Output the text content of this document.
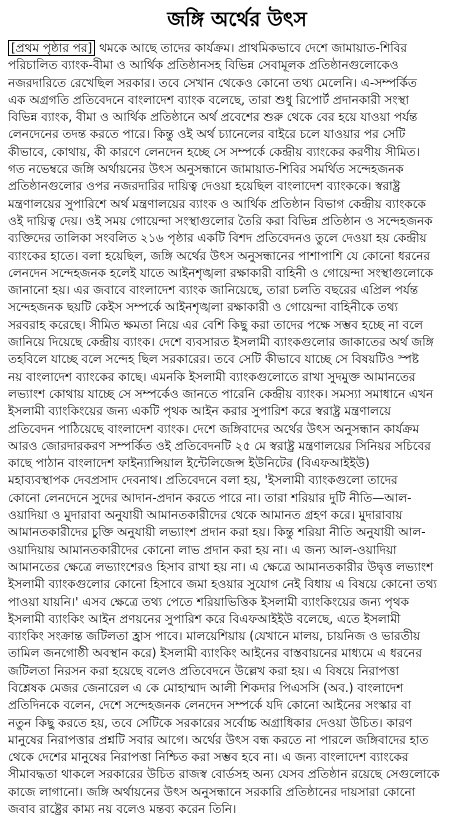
জঙ্গি অর্থের উৎস
[প্রথম পৃষ্ঠার পর] থমকে আছে তাদের কার্যক্রম। প্রাথমিকভাবে দেশে জামায়াত-শিবির
পরিচালিত ব্যাংক-বীমা ও আর্থিক প্রতিষ্ঠানসহ বিভিন্ন সেবামূলক প্রতিষ্ঠানগুলোকেও
নজরদারিতে রেখেছিল সরকার। তবে সেখান থেকেও কোনো তথ্য মেলেনি। এ-সম্পর্কিত
এক অগ্রগতি প্রতিবেদনে বাংলাদেশ ব্যাংক বলেছে, তারা শুধু রিপোর্ট প্রদানকারী সংস্থা
বিভিন্ন ব্যাংক, বীমা ও আর্থিক প্রতিষ্ঠানে অর্থ প্রবেশের শুরু থেকে বের হয়ে যাওয়া পর্যন্ত
লেনদেনের তদন্ত করতে পারে। কিন্তু ওই অর্থ চ্যানেলের বাইরে চলে যাওয়ার পর সেটি
কীভাবে, কোথায়, কী কারণে লেনদেন হচ্ছে সে সম্পর্কে কেন্দ্রীয় ব্যাংকের করণীয় সীমিত।
গত নভেম্বরে জঙ্গি অর্থায়নের উৎস অনুসন্ধানে জামায়াত-শিবির সমর্থিত সন্দেহজনক
প্রতিষ্ঠানগুলোর ওপর নজরদারির দায়িত্ব দেওয়া হয়েছিল বাংলাদেশ ব্যাংককে। স্বরাষ্ট্র
মন্ত্রণালয়ের সুপারিশে অর্থ মন্ত্রণালয়ের ব্যাংক ও আর্থিক প্রতিষ্ঠান বিভাগ কেন্দ্রীয় ব্যাংককে
ওই দায়িত্ব দেয়। ওই সময় গোয়েন্দা সংস্থাগুলোর তৈরি করা বিভিন্ন প্রতিষ্ঠান ও সন্দেহজনক
ব্যক্তিদের তালিকা সংবলিত ২১৬ পৃষ্ঠার একটি বিশদ প্রতিবেদনও তুলে দেওয়া হয় কেন্দ্রীয়
ব্যাংকের হাতে। বলা হয়েছিল, জঙ্গি অর্থের উৎস অনুসন্ধানের পাশাপাশি যে কোনো ধরনের
লেনদেন সন্দেহজনক হলেই যাতে আইনশৃঙ্খলা রক্ষাকারী বাহিনী ও গোয়েন্দা সংস্থাগুলোকে
জানানো হয়। এর জবাবে বাংলাদেশ ব্যাংক জানিয়েছে, তারা চলতি বছরের এপ্রিল পর্যন্ত
সন্দেহজনক ছয়টি কেইস সম্পর্কে আইনশৃঙ্খলা রক্ষাকারী ও গোয়েন্দা বাহিনীকে তথ্য
সরবরাহ করেছে। সীমিত ক্ষমতা নিয়ে এর বেশি কিছু করা তাদের পক্ষে সম্ভব হচ্ছে না বলে
জানিয়ে দিয়েছে কেন্দ্রীয় ব্যাংক। দেশে ব্যবসারত ইসলামী ব্যাংকগুলোর জাকাতের অর্থ জঙ্গি
তহবিলে যাচ্ছে বলে সন্দেহ ছিল সরকারের। তবে সেটি কীভাবে যাচ্ছে সে বিষয়টিও স্পষ্ট
নয় বাংলাদেশ ব্যাংকের কাছে। এমনকি ইসলামী ব্যাংকগুলোতে রাখা সুদমুক্ত আমানতের
লভ্যাংশ কোথায় যাচ্ছে সে সম্পর্কেও জানতে পারেনি কেন্দ্রীয় ব্যাংক। সমস্যা সমাধানে এখন
ইসলামী ব্যাংকিংয়ের জন্য একটি পৃথক আইন করার সুপারিশ করে স্বরাষ্ট্র মন্ত্রণালয়ে
প্রতিবেদন পাঠিয়েছে বাংলাদেশ ব্যাংক। দেশে জঙ্গিবাদের অর্থের উৎস অনুসন্ধান কার্যক্রম
আরও জোরদারকরণ সম্পর্কিত ওই প্রতিবেদনটি ২৫ মে স্বরাষ্ট্র মন্ত্রণালয়ের সিনিয়র সচিবের
কাছে পাঠান বাংলাদেশ ফাইন্যান্সিয়াল ইন্টেলিজেন্স ইউনিটের (বিএফআইইউ)
মহাব্যবস্থাপক দেবপ্রসাদ দেবনাথ। প্রতিবেদনে বলা হয়, 'ইসলামী ব্যাংকগুলো তাদের
কোনো লেনদেনে সুদের আদান-প্রদান করতে পারে না। তারা শরিয়ার দুটি নীতি—আল-
ওয়াদিয়া ও মুদারাবা অনুযায়ী আমানতকারীদের থেকে আমানত গ্রহণ করে। মুদারাবায়
আমানতকারীদের চুক্তি অনুযায়ী লভ্যাংশ প্রদান করা হয়। কিন্তু শরিয়া নীতি অনুযায়ী আল-
ওয়াদিয়ায় আমানতকারীদের কোনো লাভ প্রদান করা হয় না। এ জন্য আল-ওয়াদিয়া
আমানতের ক্ষেত্রে লভ্যাংশেরও হিসাব রাখা হয় না। এ ক্ষেত্রে আমানতকারীর উদ্বৃত্ত লভ্যাংশ
ইসলামী ব্যাংকগুলোর কোনো হিসাবে জমা হওয়ার সুযোগ নেই বিধায় এ বিষয়ে কোনো তথ্য
পাওয়া যায়নি।' এসব ক্ষেত্রে তথ্য পেতে শরিয়াভিত্তিক ইসলামী ব্যাংকিংয়ের জন্য পৃথক
ইসলামী ব্যাংকিং আইন প্রণয়নের সুপারিশ করে বিএফআইইউ বলেছে, এতে ইসলামী
ব্যাংকিং সংক্রান্ত জটিলতা হ্রাস পাবে। মালয়েশিয়ায় (যেখানে মালয়, চায়নিজ ও ভারতীয়
তামিল জনগোষ্ঠী অবস্থান করে) ইসলামী ব্যাংকিং আইনের বাস্তবায়নের মাধ্যমে এ ধরনের
জটিলতা নিরসন করা হয়েছে বলেও প্রতিবেদনে উল্লেখ করা হয়। এ বিষয়ে নিরাপত্তা
বিশ্লেষক মেজর জেনারেল এ কে মোহাম্মাদ আলী শিকদার পিএসসি (অব.) বাংলাদেশ
প্রতিদিনকে বলেন, দেশে সন্দেহজনক লেনদেন সম্পর্কে যদি কোনো আইনের সংস্কার বা
নতুন কিছু করতে হয়, তবে সেটিকে সরকারের সর্বোচ্চ অগ্রাধিকার দেওয়া উচিত। কারণ
মানুষের নিরাপত্তার প্রশ্নটি সবার আগে। অর্থের উৎস বন্ধ করতে না পারলে জঙ্গিবাদের হাত
থেকে দেশের মানুষের নিরাপত্তা নিশ্চিত করা সম্ভব হবে না। এ জন্য বাংলাদেশ ব্যাংকের
সীমাবদ্ধতা থাকলে সরকারের উচিত রাজস্ব বোর্ডসহ অন্য যেসব প্রতিষ্ঠান রয়েছে সেগুলোকে
কাজে লাগানো। জঙ্গি অর্থায়নের উৎস অনুসন্ধানে সরকারি প্রতিষ্ঠানের দায়সারা কোনো
জবাব রাষ্ট্রের কাম্য নয় বলেও মন্তব্য করেন তিনি।
